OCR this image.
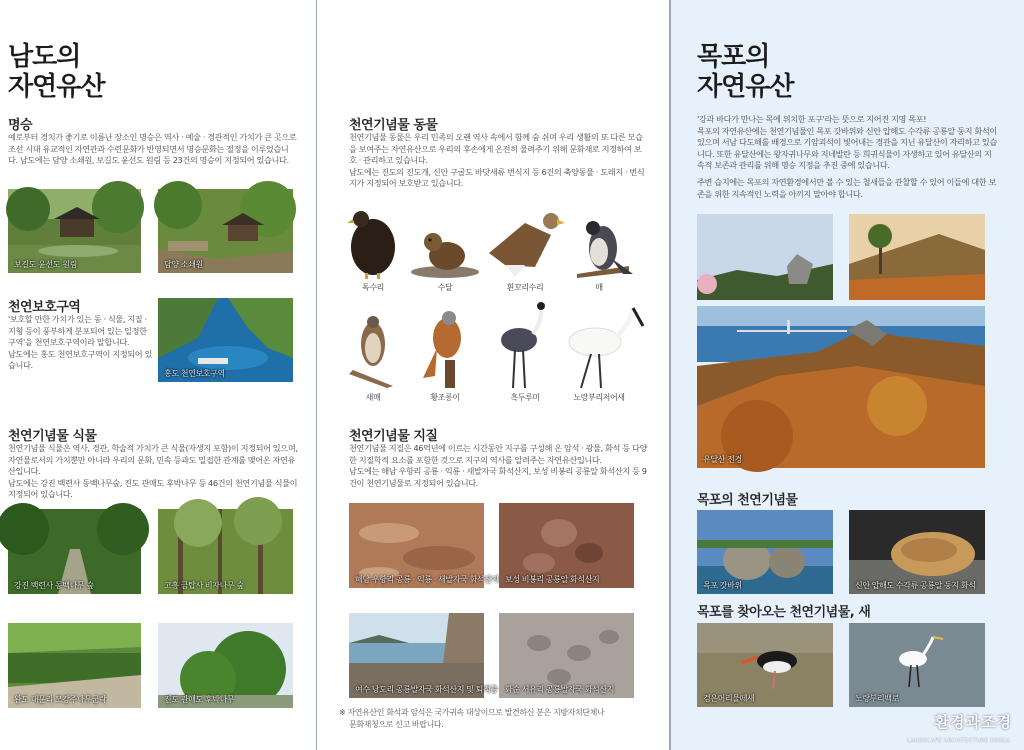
남도의
자연유산
명승
예로부터 경치가 좋기로 이름난 장소인 명승은 역사 · 예술 · 경관적인 가치가 큰 곳으로 조선 시대 유교적인 자연관과 수련문화가 반영되면서 명승문화는 절정을 이루었습니다. 남도에는 담양 소쇄원, 보길도 윤선도 원림 등 23건의 명승이 지정되어 있습니다.
보길도 윤선도 원림	담양 소쇄원
천연보호구역

'보호할 만한 가치가 있는 동 · 식물, 지질 · 지형 등이 풍부하게 분포되어 있는 일정한 구역'을 천연보호구역이라 말합니다.

남도에는 홍도 천연보호구역이 지정되어 있습니다.

홍도 천연보호구역
천연기념물 식물

천연기념물 식물은 역사, 경관, 학술적 가치가 큰 식물(자생지 포함)이 지정되어 있으며, 자연물로서의 가치뿐만 아니라 우리의 문화, 민속 등과도 밀접한 관계를 맺어온 자연유산입니다.

남도에는 강진 백련사 동백나무숲, 진도 관매도 후박나무 등 46건의 천연기념물 식물이 지정되어 있습니다.

강진 백련사 동백나무 숲	고흥 금탑사 비자나무 숲
완도 대문리 모감주나무군락	진도 관매도 후박나무
천연기념물 동물

천연기념물 동물은 우리 민족의 오랜 역사 속에서 함께 숨 쉬며 우리 생활의 또 다른 모습을 보여주는 자연유산으로 우리의 후손에게 온전히 물려주기 위해 문화재로 지정하여 보호 · 관리하고 있습니다.

남도에는 진도의 진도개, 신안 구굴도 바닷새류 번식지 등 6건의 축양동물 · 도래지 · 번식지가 지정되어 보호받고 있습니다.

독수리	수달	흰꼬리수리	매
새매	황조롱이	흑두루미	노랑부리저어새
천연기념물 지질

천연기념물 지질은 46억년에 이르는 시간동안 지구를 구성해 온 암석 · 광물, 화석 등 다양한 지질학적 요소를 포함한 것으로 지구의 역사를 알려주는 자연유산입니다.

남도에는 해남 우항리 공룡 · 익룡 · 새발자국 화석산지, 보성 비봉리 공룡알 화석산지 등 9건이 천연기념물로 지정되어 있습니다.

해남 우항리 공룡 · 익룡 · 새발자국 화석산지 보성 비봉리 공룡알 화석산지
여수 낭도리 공룡발자국 화석산지 및 퇴적층 화순 서유리 공룡발자국 화석산지
※ 자연유산인 화석과 암석은 국가귀속 대상이므로 발견하신 분은 지방자치단체나
문화재청으로 신고 바랍니다.
목포의
자연유산

'강과 바다가 만나는 목에 위치한 포구'라는 뜻으로 지어진 지명 목포!

목포의 자연유산에는 천연기념물인 목포 갓바위와 신안 압해도 수각류 공룡알 둥지 화석이 있으며 서남 다도해를 배경으로 기암괴석이 빛어내는 경관을 지닌 유달산이 자리하고 있습니다. 또한 유달산에는 왕자귀나무와 지네발란 등 희귀식물이 자생하고 있어 유달산의 지속적 보존과 관리를 위해 명승 지정을 추진 중에 있습니다.

주변 습지에는 목포의 자연환경에서만 볼 수 있는 철새들을 관찰할 수 있어 이들에 대한 보존을 위한 지속적인 노력을 아끼지 말아야 합니다.

유달산 전경
목포의 천연기념물
목포 갓바위	신안 압해도 수각류 공룡알 둥지 화석
목포를 찾아오는 천연기념물, 새
검은머리물떼새	노랑부리백로
환경과조경
LANDSCAPE ARCHITECTURE KOREA
